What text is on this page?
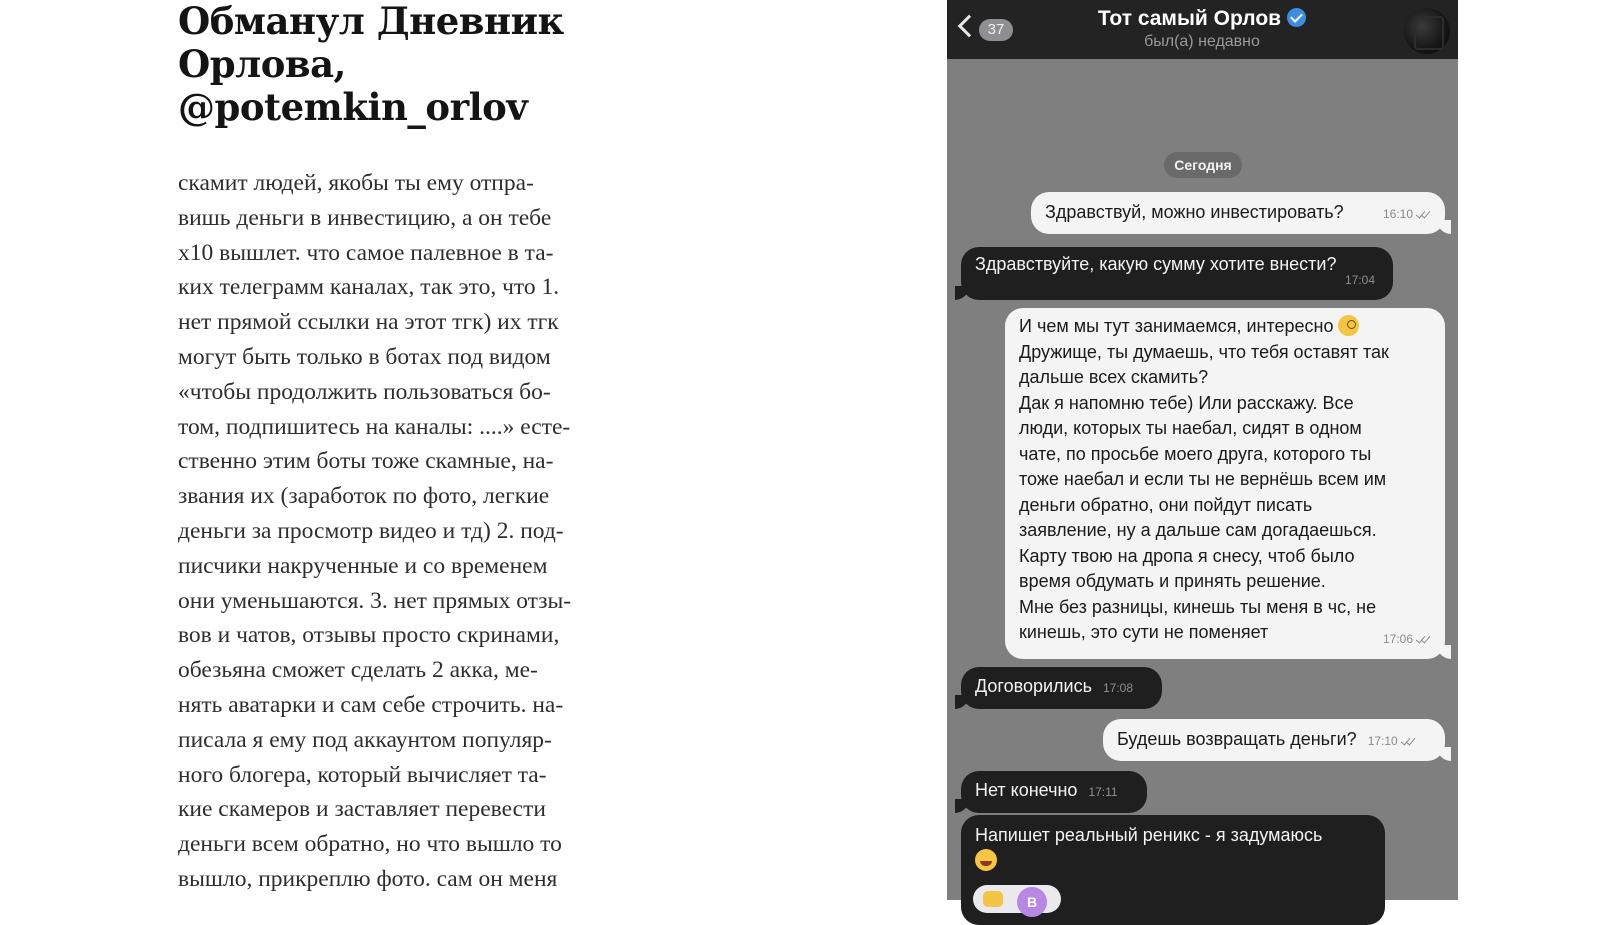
Обманул Дневник
Орлова,
@potemkin_orlov
скамит людей, якобы ты ему отпра-
вишь деньги в инвестицию, а он тебе
х10 вышлет. что самое палевное в та-
ких телеграмм каналах, так это, что 1.
нет прямой ссылки на этот тгк) их тгк
могут быть только в ботах под видом
«чтобы продолжить пользоваться бо-
том, подпишитесь на каналы: ....» есте-
ственно этим боты тоже скамные, на-
звания их (заработок по фото, легкие
деньги за просмотр видео и тд) 2. под-
писчики накрученные и со временем
они уменьшаются. 3. нет прямых отзы-
вов и чатов, отзывы просто скринами,
обезьяна сможет сделать 2 акка, ме-
нять аватарки и сам себе строчить. на-
писала я ему под аккаунтом популяр-
ного блогера, который вычисляет та-
кие скамеров и заставляет перевести
деньги всем обратно, но что вышло то
вышло, прикреплю фото. сам он меня
37	Тот самый Орлов
был(а) недавно
Сегодня
Здравствуй, можно инвестировать?	16:10
Здравствуйте, какую сумму хотите внести?
17:04
И чем мы тут занимаемся, интересно
Дружище, ты думаешь, что тебя оставят так
дальше всех скамить?
Дак я напомню тебе) Или расскажу. Все
люди, которых ты наебал, сидят в одном
чате, по просьбе моего друга, которого ты
тоже наебал и если ты не вернёшь всем им
деньги обратно, они пойдут писать
заявление, ну а дальше сам догадаешься.
Карту твою на дропа я снесу, чтоб было
время обдумать и принять решение.
Мне без разницы, кинешь ты меня в чс, не
кинешь, это сути не поменяет	17:06
Договорились 17:08
Будешь возвращать деньги? 17:10
Нет конечно 17:11
Напишет реальный реникс - я задумаюсь
В
